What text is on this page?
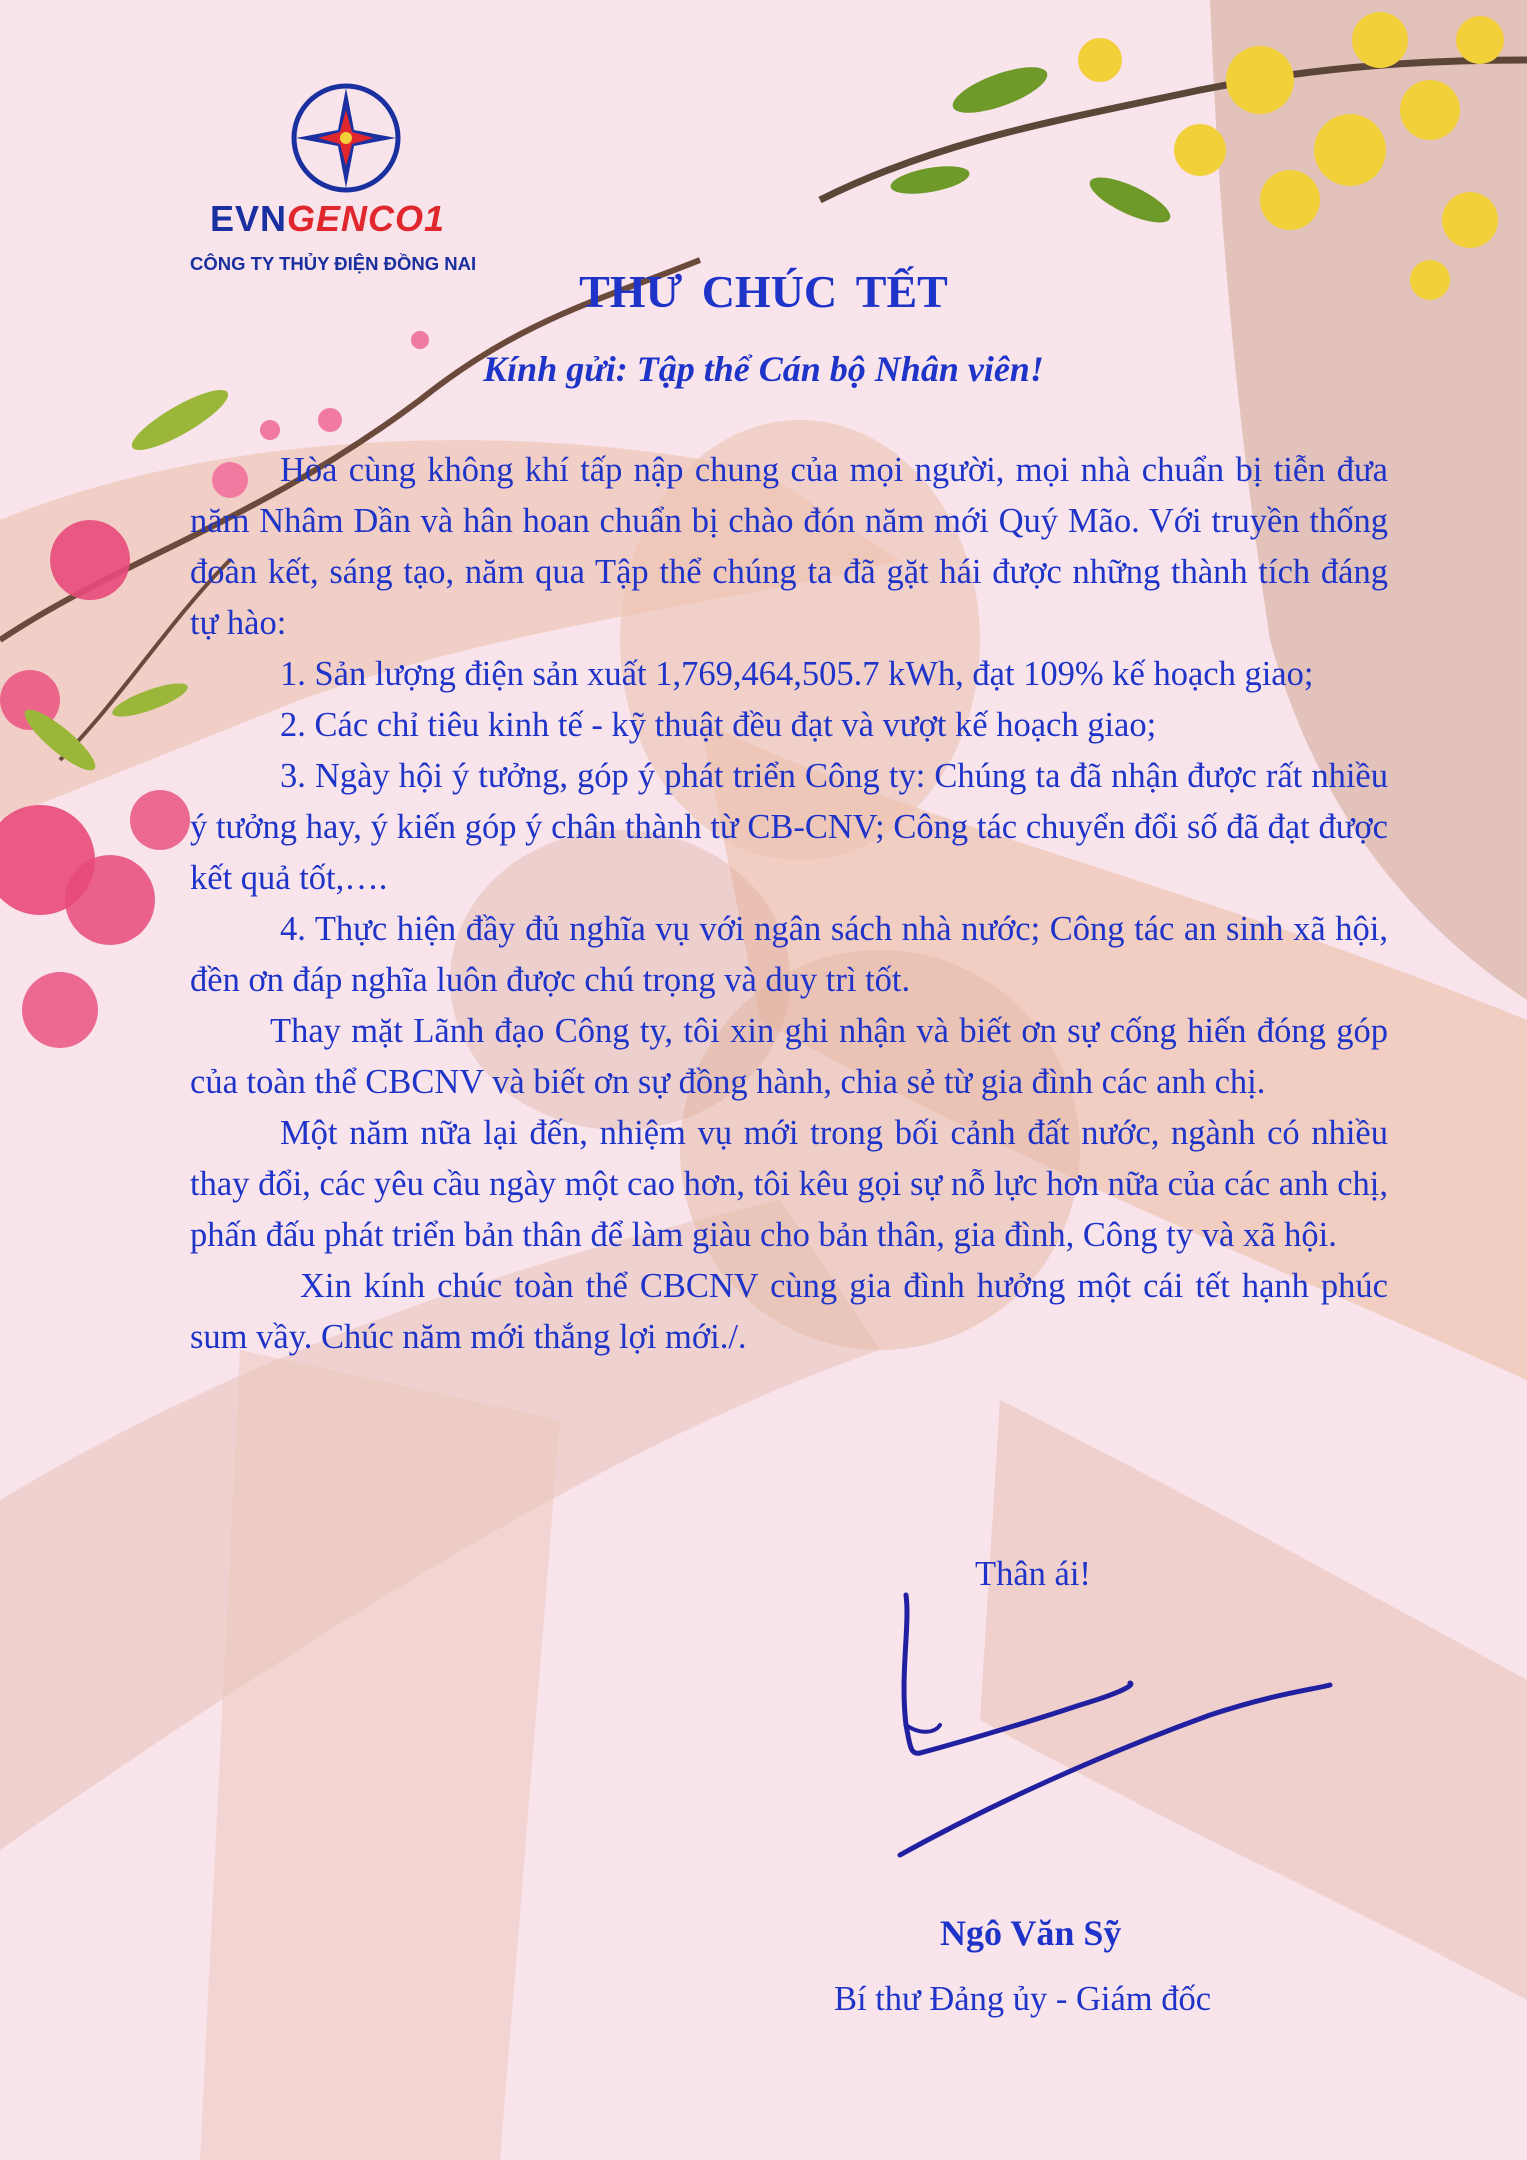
EVNGENCO1
CÔNG TY THỦY ĐIỆN ĐỒNG NAI
THƯ CHÚC TẾT
Kính gửi: Tập thể Cán bộ Nhân viên!

Hòa cùng không khí tấp nập chung của mọi người, mọi nhà chuẩn bị tiễn đưa năm Nhâm Dần và hân hoan chuẩn bị chào đón năm mới Quý Mão. Với truyền thống đoàn kết, sáng tạo, năm qua Tập thể chúng ta đã gặt hái được những thành tích đáng tự hào:

1. Sản lượng điện sản xuất 1,769,464,505.7 kWh, đạt 109% kế hoạch giao;

2. Các chỉ tiêu kinh tế - kỹ thuật đều đạt và vượt kế hoạch giao;

3. Ngày hội ý tưởng, góp ý phát triển Công ty: Chúng ta đã nhận được rất nhiều ý tưởng hay, ý kiến góp ý chân thành từ CB-CNV; Công tác chuyển đổi số đã đạt được kết quả tốt,….

4. Thực hiện đầy đủ nghĩa vụ với ngân sách nhà nước; Công tác an sinh xã hội, đền ơn đáp nghĩa luôn được chú trọng và duy trì tốt.

Thay mặt Lãnh đạo Công ty, tôi xin ghi nhận và biết ơn sự cống hiến đóng góp của toàn thể CBCNV và biết ơn sự đồng hành, chia sẻ từ gia đình các anh chị.

Một năm nữa lại đến, nhiệm vụ mới trong bối cảnh đất nước, ngành có nhiều thay đổi, các yêu cầu ngày một cao hơn, tôi kêu gọi sự nỗ lực hơn nữa của các anh chị, phấn đấu phát triển bản thân để làm giàu cho bản thân, gia đình, Công ty và xã hội.

Xin kính chúc toàn thể CBCNV cùng gia đình hưởng một cái tết hạnh phúc sum vầy. Chúc năm mới thắng lợi mới./.

Thân ái!
Ngô Văn Sỹ
Bí thư Đảng ủy - Giám đốc
